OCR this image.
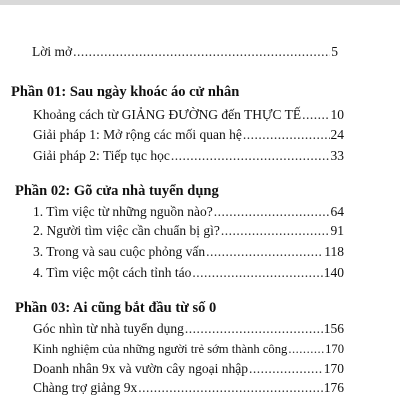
Lời mở .....	5
Phần 01: Sau ngày khoác áo cử nhân
Khoảng cách từ GIẢNG ĐƯỜNG đến THỰC TẾ ..... 10
Giải pháp 1: Mở rộng các mối quan hệ .....	24
Giải pháp 2: Tiếp tục học .....	33
Phần 02: Gõ cửa nhà tuyển dụng
1. Tìm việc từ những nguồn nào? .....	64
2. Người tìm việc cần chuẩn bị gì? .....	91
3. Trong và sau cuộc phỏng vấn .....	118
4. Tìm việc một cách tỉnh táo .....	140
Phần 03: Ai cũng bắt đầu từ số 0
Góc nhìn từ nhà tuyển dụng .....	156
Kinh nghiệm của những người trẻ sớm thành công .....	170
Doanh nhân 9x và vườn cây ngoại nhập .....	170
Chàng trợ giảng 9x .....	176
